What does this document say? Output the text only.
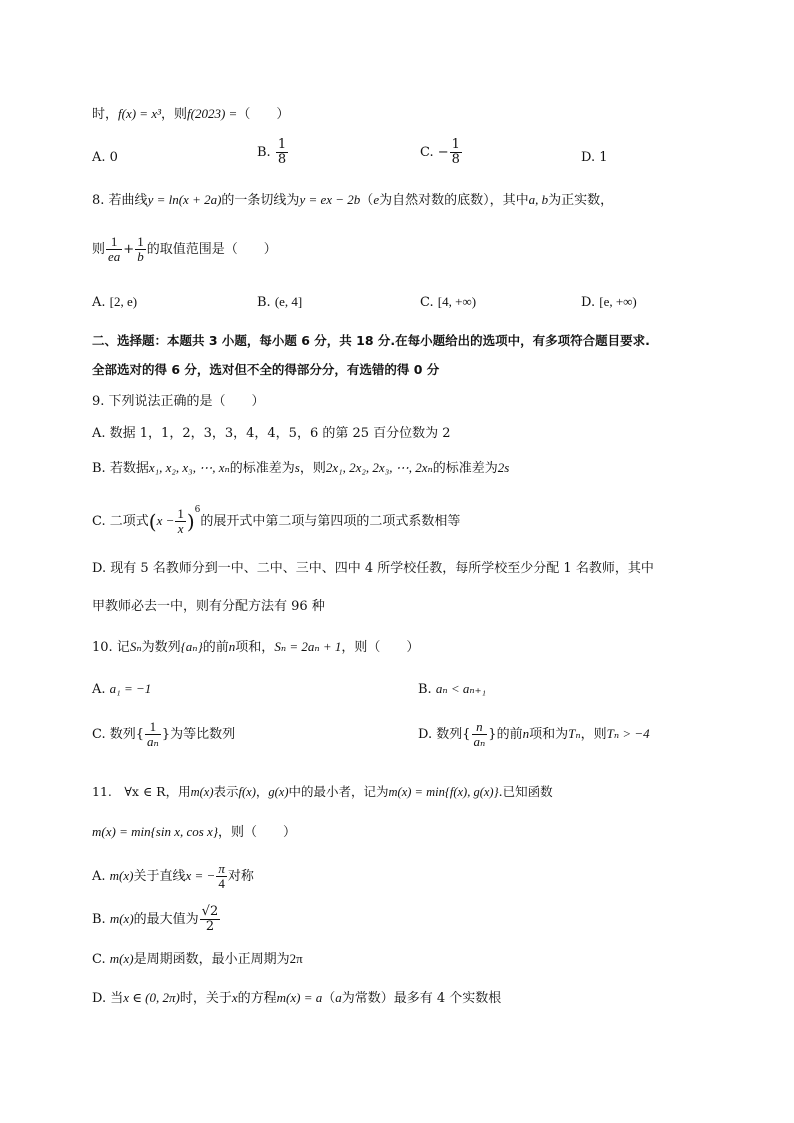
时，f(x) = x³，则f(2023) =（　　）
A. 0	B. $\frac{1}{8}$	C. − $\frac{1}{8}$	D. 1
8. 若曲线y = ln(x + 2a)的一条切线为y = ex − 2b（e为自然对数的底数），其中a, b为正实数，
则 $\frac{1}{ea} + \frac{1}{b}$ 的取值范围是（　　）
A. [2, e)	B. (e, 4]	C. [4, +∞)	D. [e, +∞)
二、选择题：本题共 3 小题，每小题 6 分，共 18 分.在每小题给出的选项中，有多项符合题目要求.
全部选对的得 6 分，选对但不全的得部分分，有选错的得 0 分
9. 下列说法正确的是（　　）
A. 数据 1，1，2，3，3，4，4，5，6 的第 25 百分位数为 2
B. 若数据x₁, x₂, x₃, ⋯, xₙ的标准差为s，则2x₁, 2x₂, 2x₃, ⋯, 2xₙ的标准差为2s
C. 二项式$(x - \frac{1}{x} )^6$的展开式中第二项与第四项的二项式系数相等
D. 现有 5 名教师分到一中、二中、三中、四中 4 所学校任教，每所学校至少分配 1 名教师，其中
甲教师必去一中，则有分配方法有 96 种
10. 记Sₙ为数列{aₙ}的前n项和，Sₙ = 2aₙ + 1，则（　　）
A. a₁ = −1	B. aₙ < aₙ₊₁
C. 数列{ $\frac{1}{\text{aₙ}}$ }为等比数列	D. 数列{ $\frac{n}{\text{aₙ}}$ }的前n项和为Tₙ，则Tₙ > −4
11.　∀x ∈ R，用m(x)表示f(x)，g(x)中的最小者，记为m(x) = min{f(x), g(x)}.已知函数
m(x) = min{sin x, cos x}，则（　　）
A. m(x)关于直线x = − $\frac{\pi}{4}$ 对称
B. m(x)的最大值为 $\frac{√2}{2}$
C. m(x)是周期函数，最小正周期为2π
D. 当x ∈ (0, 2π)时，关于x的方程m(x) = a（a为常数）最多有 4 个实数根
